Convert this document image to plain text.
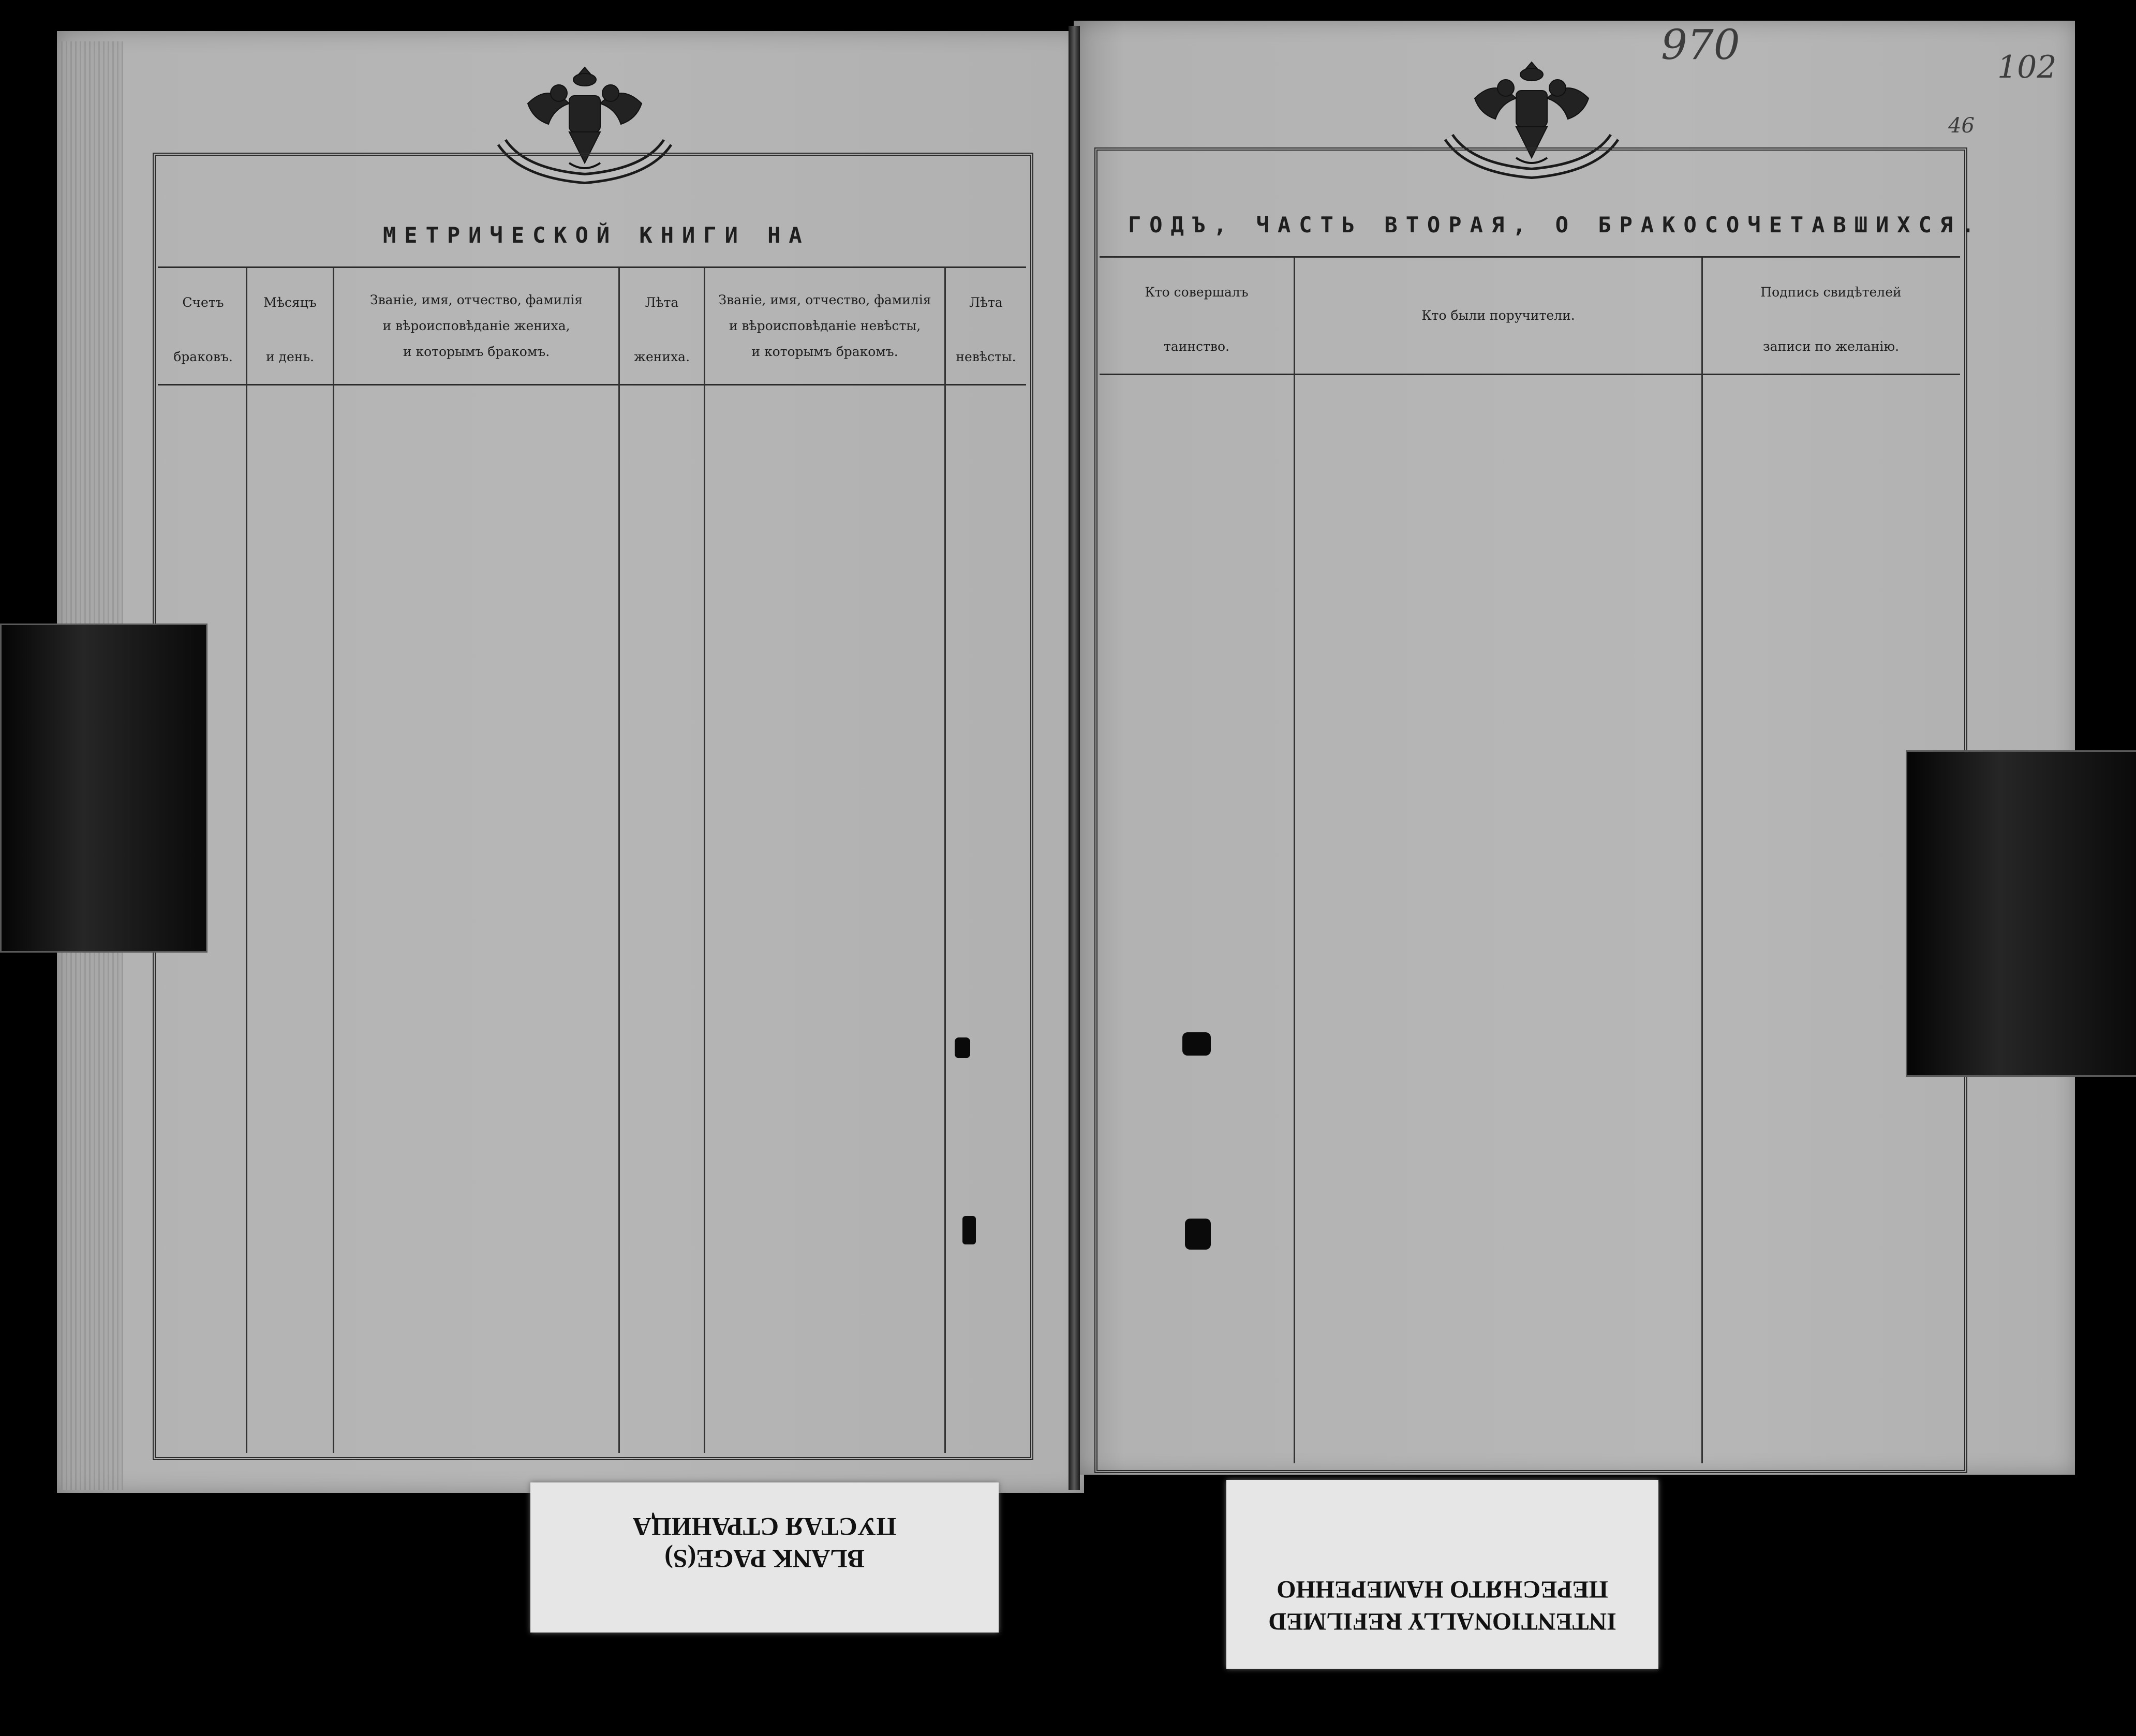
970	102
46
МЕТРИЧЕСКОЙ КНИГИ НА
Счетъ
браковъ.
Мѣсяцъ
и день.
Званіе, имя, отчество, фамилія
и вѣроисповѣданіе жениха,
и которымъ бракомъ.
Лѣта
жениха.
Званіе, имя, отчество, фамилія
и вѣроисповѣданіе невѣсты,
и которымъ бракомъ.
Лѣта
невѣсты.
ГОДЪ, ЧАСТЬ ВТОРАЯ, О БРАКОСОЧЕТАВШИХСЯ.
Кто совершалъ
таинство.
Кто были поручители.
Подпись свидѣтелей
записи по желанію.
BLANK PAGE(S)
ПУСТАЯ СТРАНИЦА
INTENTIONALLY REFILMED
ПЕРЕСНЯТО НАМЕРЕННО
